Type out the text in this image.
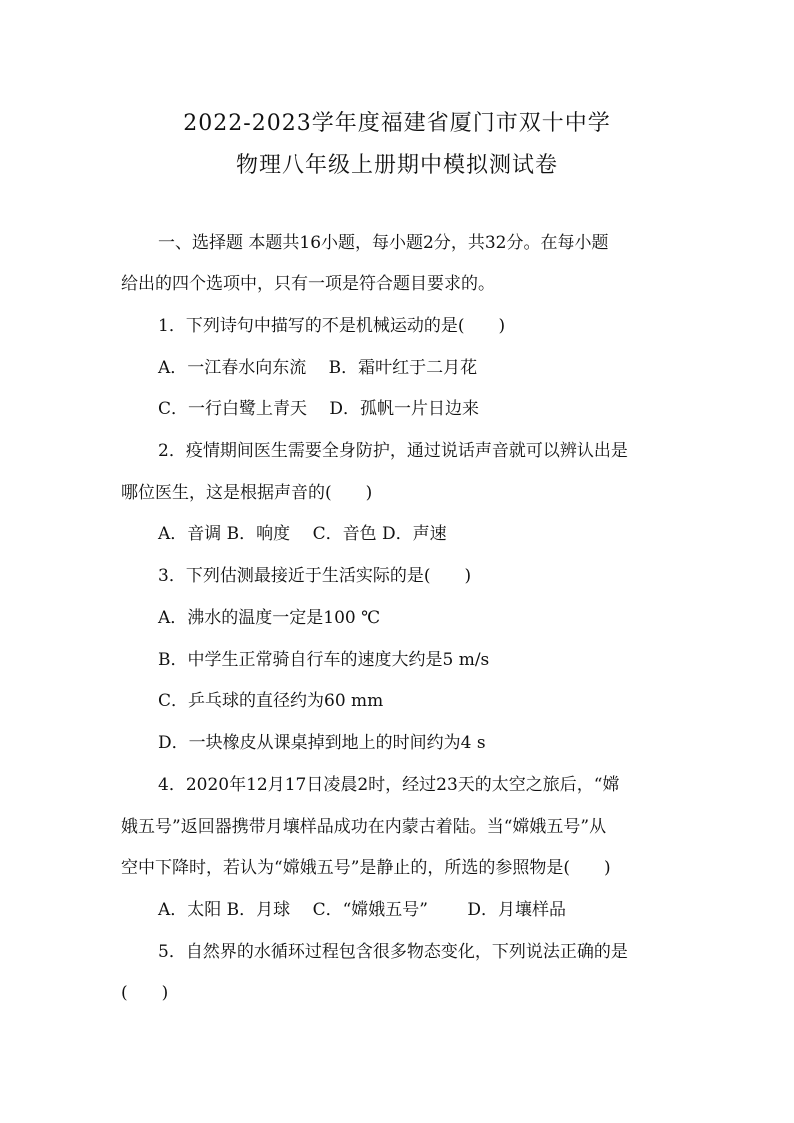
2022-2023学年度福建省厦门市双十中学
物理八年级上册期中模拟测试卷
一、选择题 本题共16小题，每小题2分，共32分。在每小题
给出的四个选项中，只有一项是符合题目要求的。
1．下列诗句中描写的不是机械运动的是(　　)
A．一江春水向东流　 B．霜叶红于二月花
C．一行白鹭上青天　 D．孤帆一片日边来
2．疫情期间医生需要全身防护，通过说话声音就可以辨认出是
哪位医生，这是根据声音的(　　)
A．音调 B．响度　 C．音色 D．声速
3．下列估测最接近于生活实际的是(　　)
A．沸水的温度一定是100 ℃
B．中学生正常骑自行车的速度大约是5 m/s
C．乒乓球的直径约为60 mm
D．一块橡皮从课桌掉到地上的时间约为4 s
4．2020年12月17日凌晨2时，经过23天的太空之旅后，“嫦
娥五号”返回器携带月壤样品成功在内蒙古着陆。当“嫦娥五号”从
空中下降时，若认为“嫦娥五号”是静止的，所选的参照物是(　　)
A．太阳 B．月球　 C．“嫦娥五号”　　 D．月壤样品
5．自然界的水循环过程包含很多物态变化，下列说法正确的是
(　　)
